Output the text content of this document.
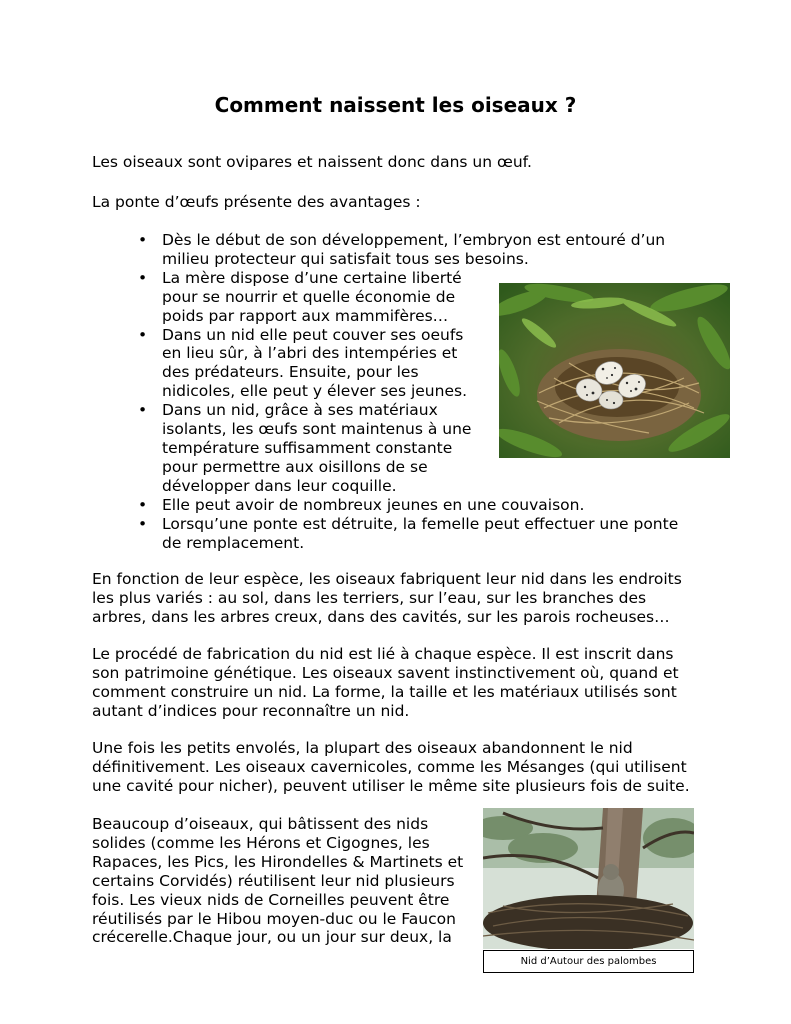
Comment naissent les oiseaux ?

Les oiseaux sont ovipares et naissent donc dans un œuf.

La ponte d’œufs présente des avantages :

• Dès le début de son développement, l’embryon est entouré d’un
milieu protecteur qui satisfait tous ses besoins.
• La mère dispose d’une certaine liberté
pour se nourrir et quelle économie de
poids par rapport aux mammifères…
• Dans un nid elle peut couver ses oeufs
en lieu sûr, à l’abri des intempéries et
des prédateurs. Ensuite, pour les
nidicoles, elle peut y élever ses jeunes.
• Dans un nid, grâce à ses matériaux
isolants, les œufs sont maintenus à une
température suffisamment constante
pour permettre aux oisillons de se
développer dans leur coquille.
• Elle peut avoir de nombreux jeunes en une couvaison.
• Lorsqu’une ponte est détruite, la femelle peut effectuer une ponte
de remplacement.

En fonction de leur espèce, les oiseaux fabriquent leur nid dans les endroits
les plus variés : au sol, dans les terriers, sur l’eau, sur les branches des
arbres, dans les arbres creux, dans des cavités, sur les parois rocheuses…

Le procédé de fabrication du nid est lié à chaque espèce. Il est inscrit dans
son patrimoine génétique. Les oiseaux savent instinctivement où, quand et
comment construire un nid. La forme, la taille et les matériaux utilisés sont
autant d’indices pour reconnaître un nid.

Une fois les petits envolés, la plupart des oiseaux abandonnent le nid
définitivement. Les oiseaux cavernicoles, comme les Mésanges (qui utilisent
une cavité pour nicher), peuvent utiliser le même site plusieurs fois de suite.

Beaucoup d’oiseaux, qui bâtissent des nids
solides (comme les Hérons et Cigognes, les
Rapaces, les Pics, les Hirondelles & Martinets et
certains Corvidés) réutilisent leur nid plusieurs
fois. Les vieux nids de Corneilles peuvent être
réutilisés par le Hibou moyen-duc ou le Faucon
crécerelle.Chaque jour, ou un jour sur deux, la

Nid d’Autour des palombes
